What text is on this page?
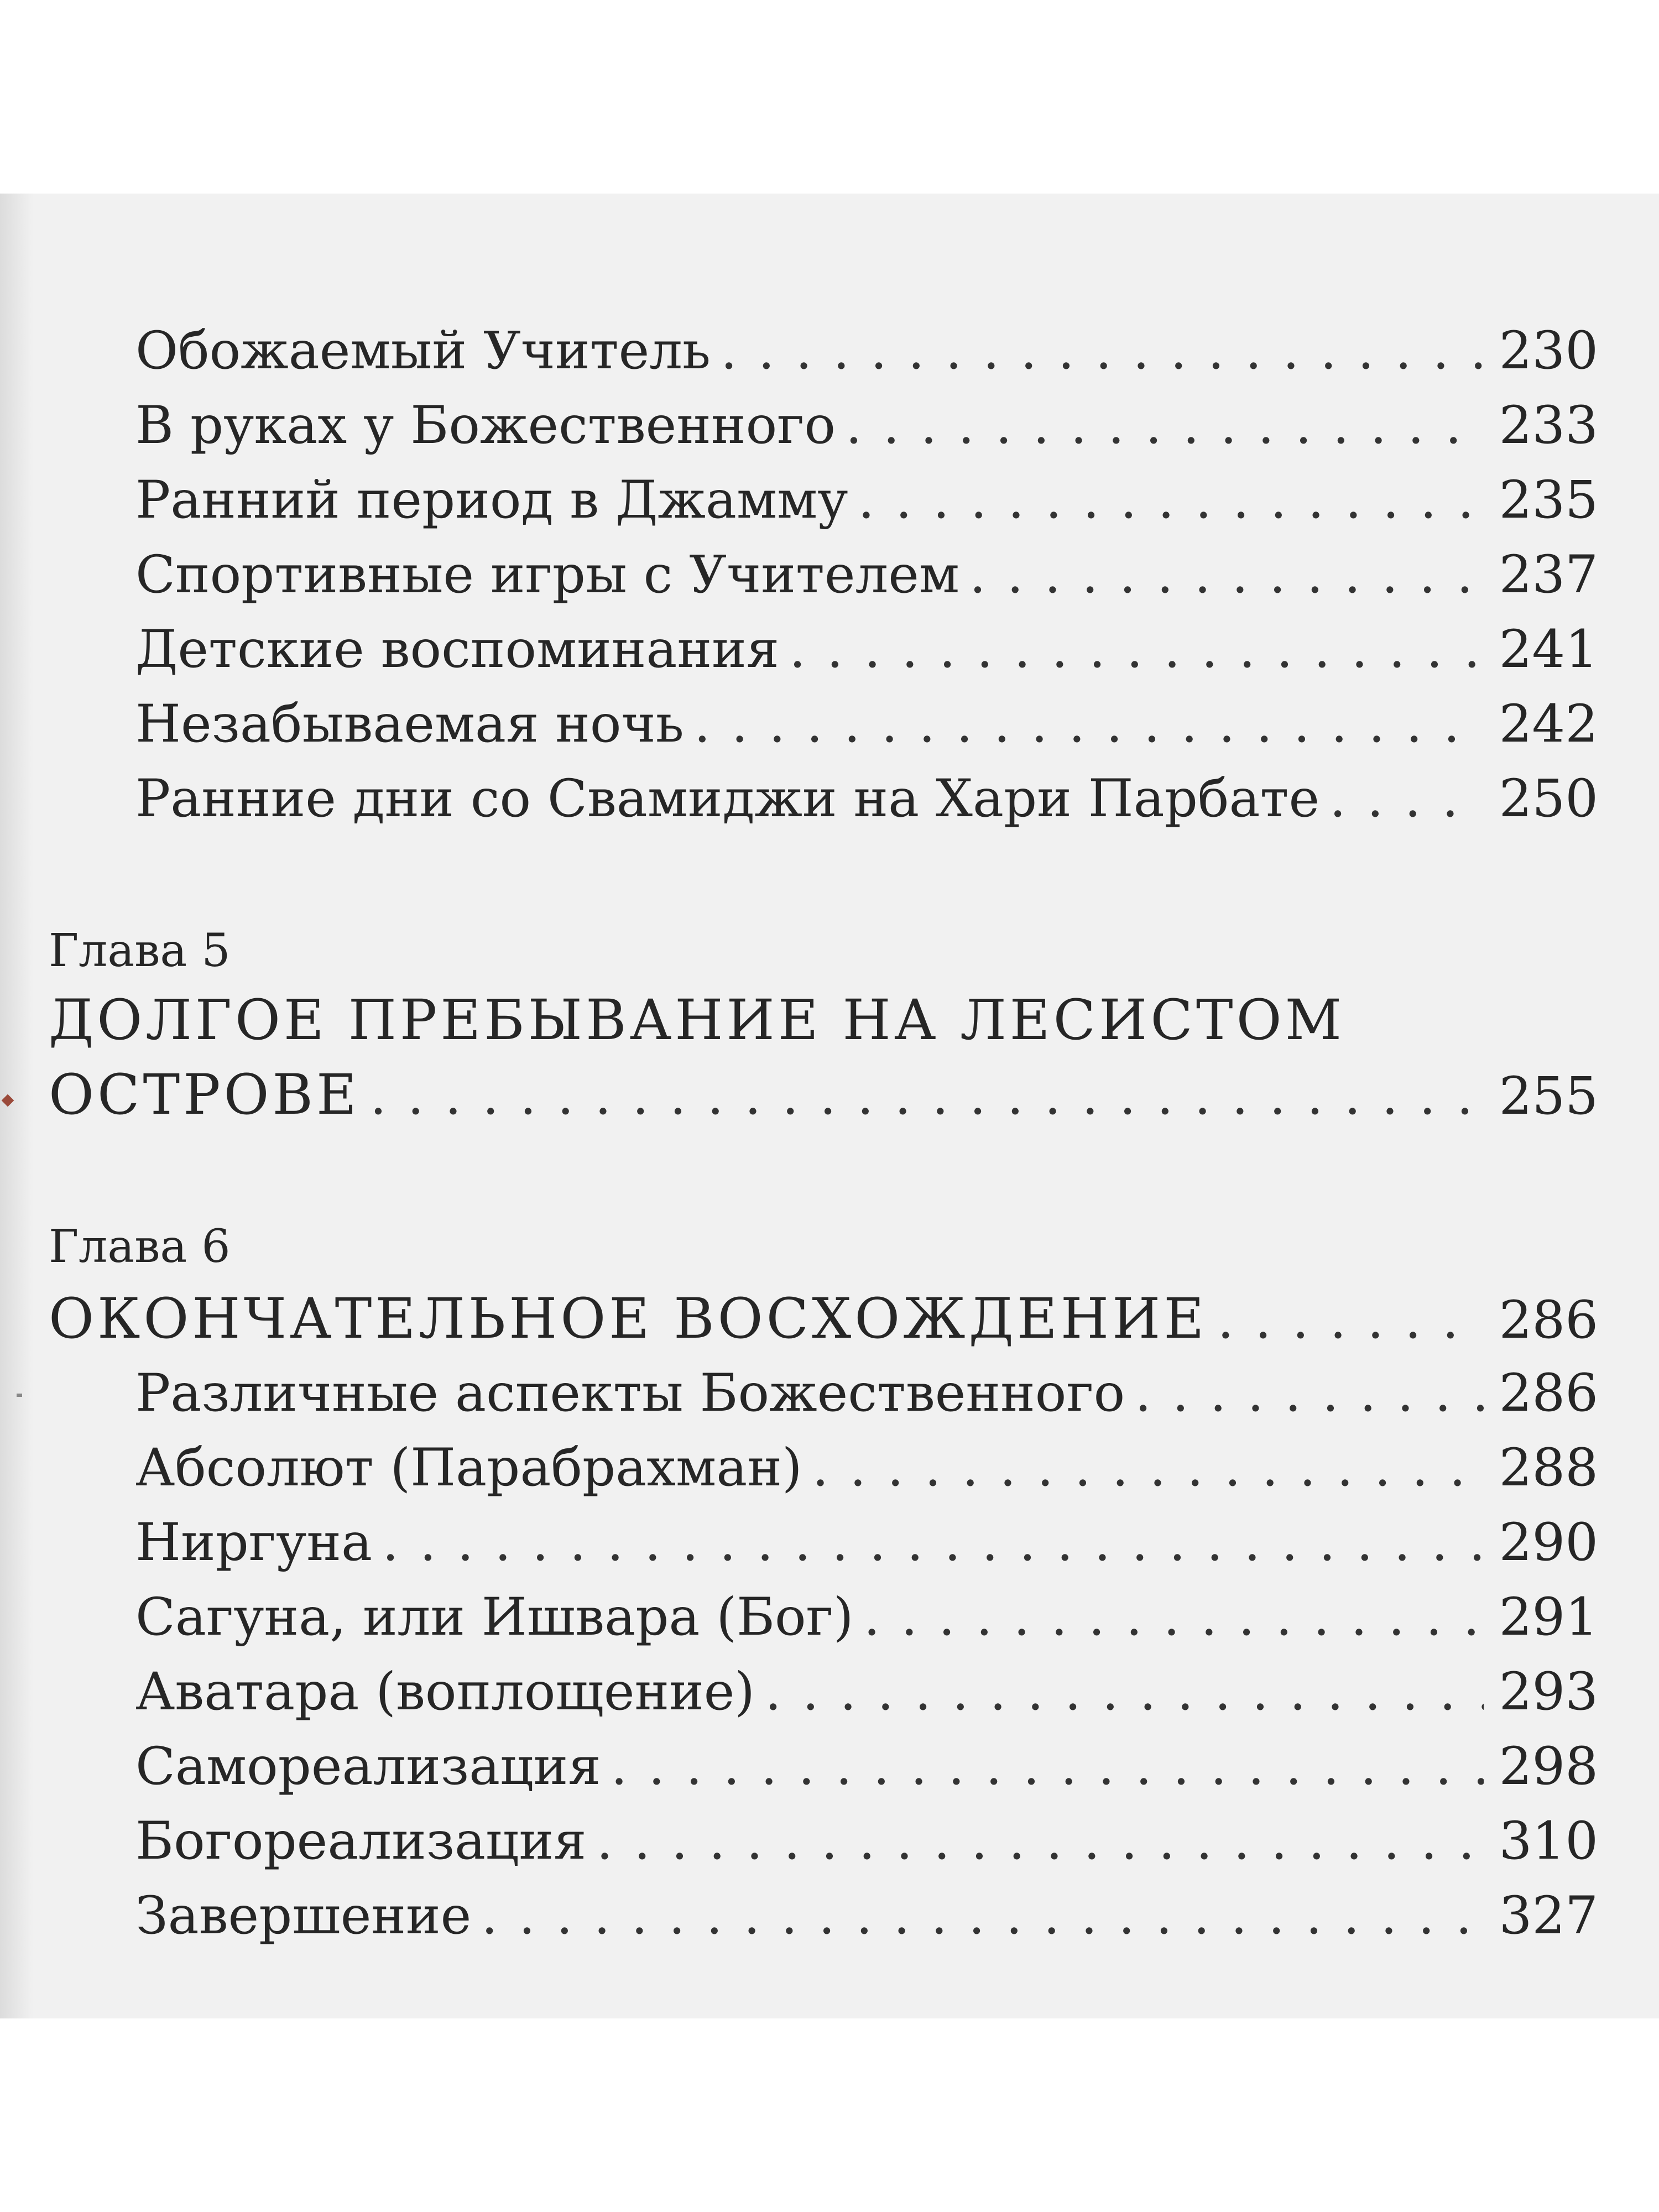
Обожаемый Учитель . . .	230
В руках у Божественного . . .	233
Ранний период в Джамму . . .	235
Спортивные игры с Учителем . . .	237
Детские воспоминания . . .	241
Незабываемая ночь . . .	242
Ранние дни со Свамиджи на Хари Парбате . . .	250
Глава 5
ДОЛГОЕ ПРЕБЫВАНИЕ НА ЛЕСИСТОМ
ОСТРОВЕ . . .	255
Глава 6
ОКОНЧАТЕЛЬНОЕ ВОСХОЖДЕНИЕ . . .	286
Различные аспекты Божественного . . .	286
Абсолют (Парабрахман) . . .	288
Ниргуна . . .	290
Сагуна, или Ишвара (Бог) . . .	291
Аватара (воплощение) . . .	293
Самореализация . . .	298
Богореализация . . .	310
Завершение . . .	327
